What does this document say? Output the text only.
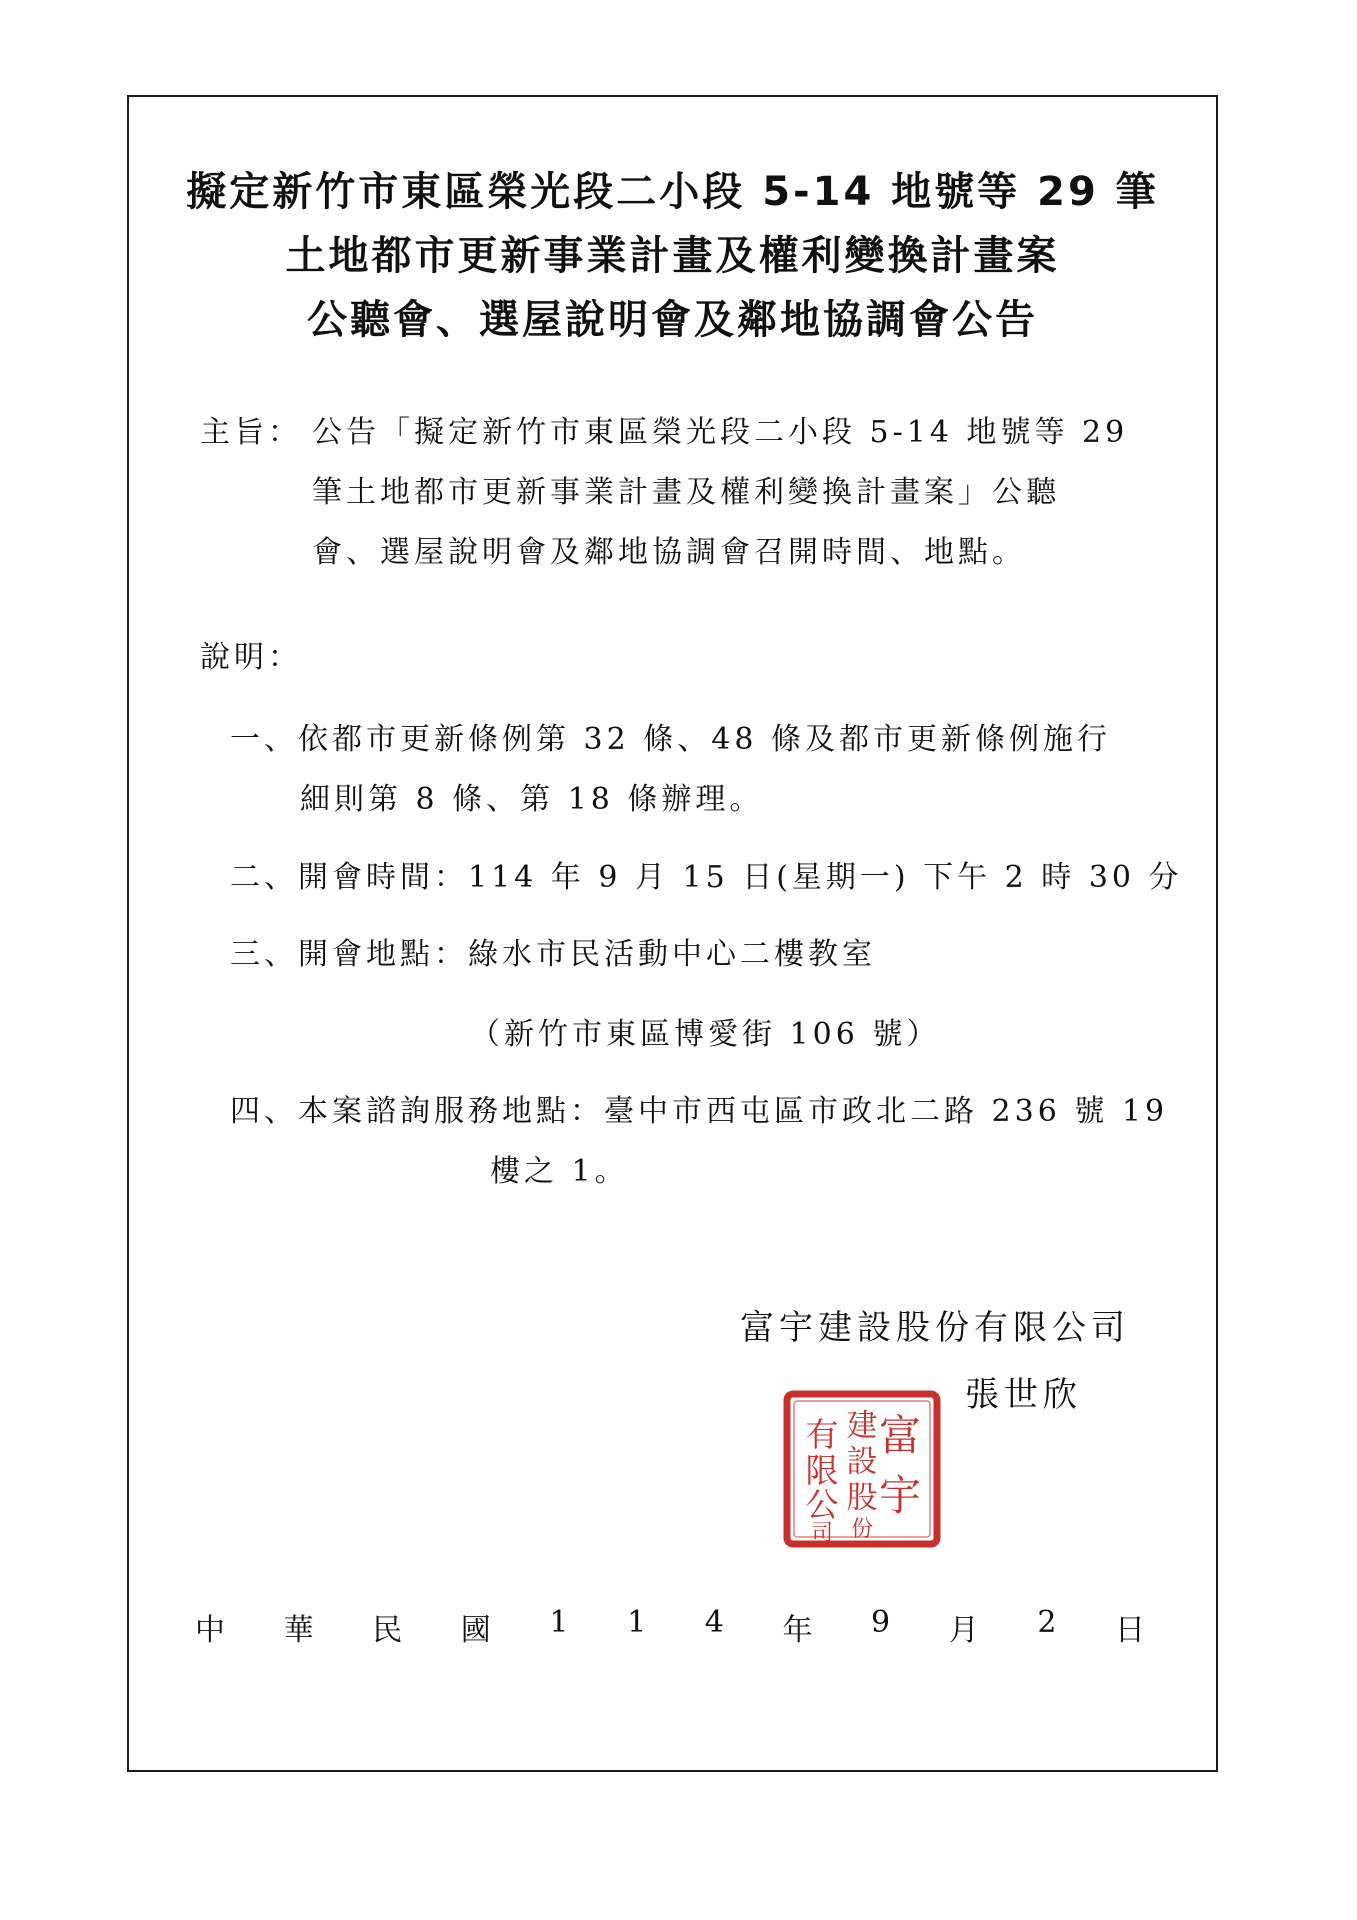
擬定新竹市東區榮光段二小段 5-14 地號等 29 筆
土地都市更新事業計畫及權利變換計畫案
公聽會、選屋說明會及鄰地協調會公告
主旨： 公告「擬定新竹市東區榮光段二小段 5-14 地號等 29
筆土地都市更新事業計畫及權利變換計畫案」公聽
會、選屋說明會及鄰地協調會召開時間、地點。
說明：
一、依都市更新條例第 32 條、48 條及都市更新條例施行
細則第 8 條、第 18 條辦理。
二、開會時間：114 年 9 月 15 日(星期一) 下午 2 時 30 分
三、開會地點：綠水市民活動中心二樓教室
（新竹市東區博愛街 106 號）
四、本案諮詢服務地點：臺中市西屯區市政北二路 236 號 19
樓之 1。
富宇建設股份有限公司
張世欣
富
宇
建
設
股
份
有
限
公
司
中 華 民 國 1 1 4 年 9 月 2 日
